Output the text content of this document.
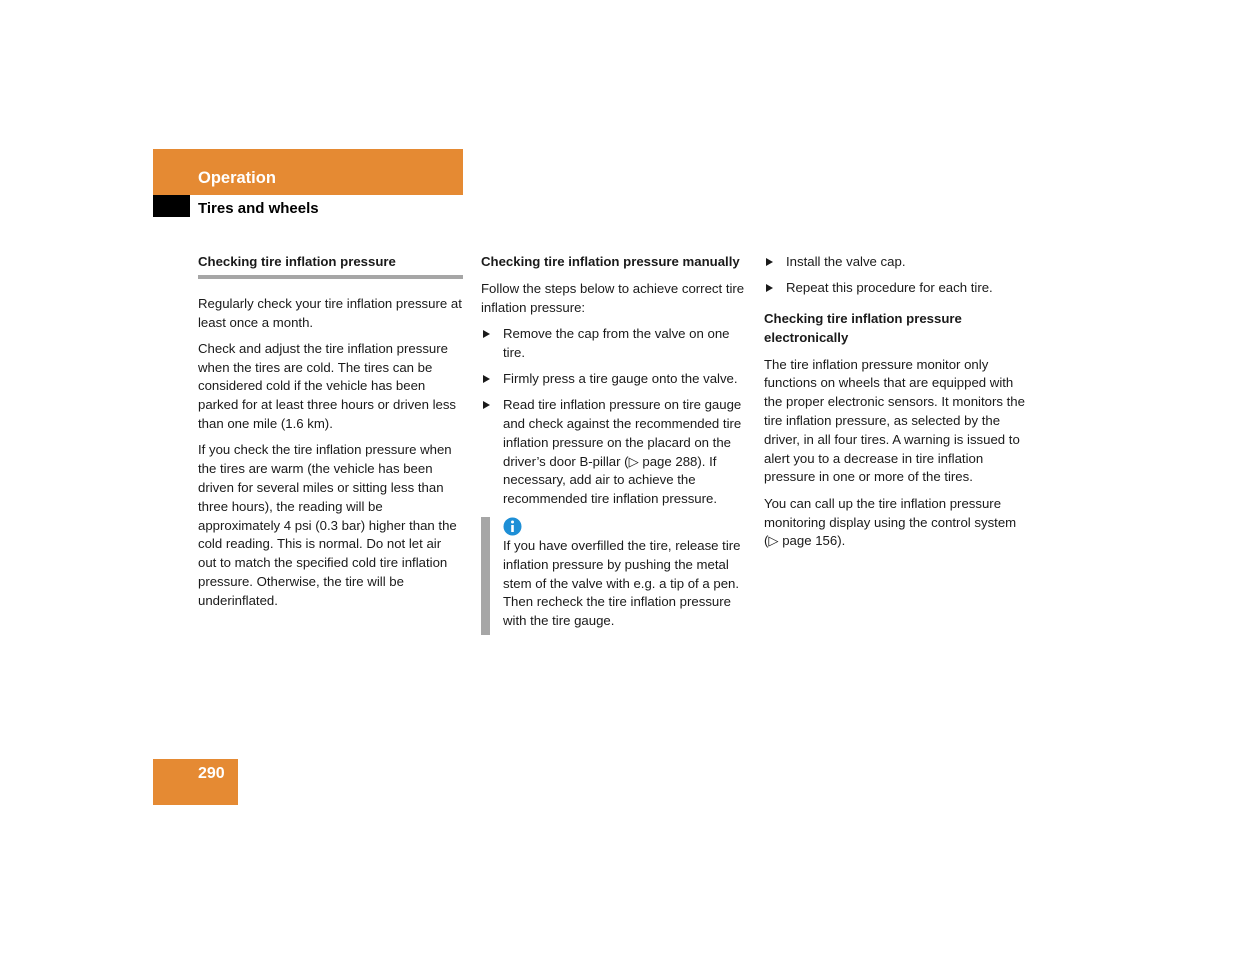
Operation
Tires and wheels
Checking tire inflation pressure

Regularly check your tire inflation pressure at least once a month.

Check and adjust the tire inflation pressure when the tires are cold. The tires can be considered cold if the vehicle has been parked for at least three hours or driven less than one mile (1.6 km).

If you check the tire inflation pressure when the tires are warm (the vehicle has been driven for several miles or sitting less than three hours), the reading will be approximately 4 psi (0.3 bar) higher than the cold reading. This is normal. Do not let air out to match the specified cold tire inflation pressure. Otherwise, the tire will be underinflated.

Checking tire inflation pressure manually

Follow the steps below to achieve correct tire inflation pressure:

Remove the cap from the valve on one tire.
Firmly press a tire gauge onto the valve.
Read tire inflation pressure on tire gauge and check against the recommended tire inflation pressure on the placard on the driver’s door B-pillar (▷ page 288). If necessary, add air to achieve the recommended tire inflation pressure.
If you have overfilled the tire, release tire inflation pressure by pushing the metal stem of the valve with e.g. a tip of a pen. Then recheck the tire inflation pressure with the tire gauge.
Install the valve cap.
Repeat this procedure for each tire.
Checking tire inflation pressure electronically

The tire inflation pressure monitor only functions on wheels that are equipped with the proper electronic sensors. It monitors the tire inflation pressure, as selected by the driver, in all four tires. A warning is issued to alert you to a decrease in tire inflation pressure in one or more of the tires.

You can call up the tire inflation pressure monitoring display using the control system (▷ page 156).

290
